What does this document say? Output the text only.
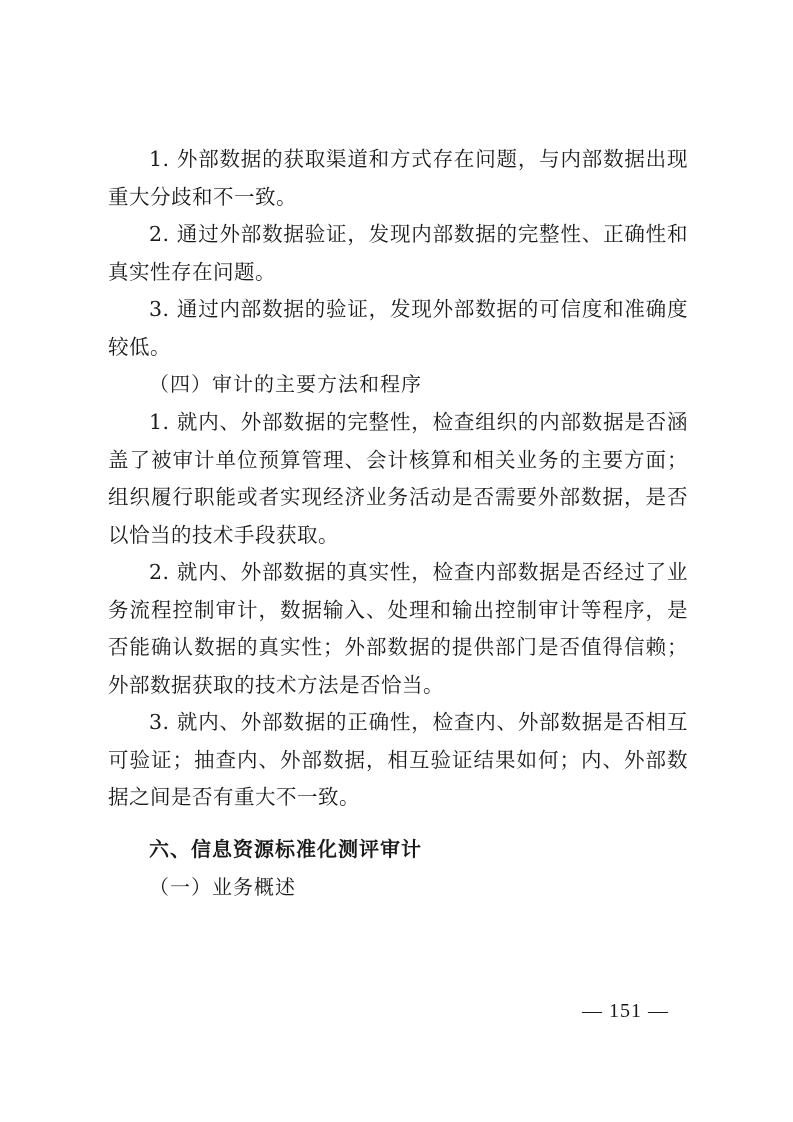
1. 外部数据的获取渠道和方式存在问题，与内部数据出现重大分歧和不一致。

2. 通过外部数据验证，发现内部数据的完整性、正确性和真实性存在问题。

3. 通过内部数据的验证，发现外部数据的可信度和准确度较低。

（四）审计的主要方法和程序

1. 就内、外部数据的完整性，检查组织的内部数据是否涵盖了被审计单位预算管理、会计核算和相关业务的主要方面；组织履行职能或者实现经济业务活动是否需要外部数据，是否以恰当的技术手段获取。

2. 就内、外部数据的真实性，检查内部数据是否经过了业务流程控制审计，数据输入、处理和输出控制审计等程序，是否能确认数据的真实性；外部数据的提供部门是否值得信赖；外部数据获取的技术方法是否恰当。

3. 就内、外部数据的正确性，检查内、外部数据是否相互可验证；抽查内、外部数据，相互验证结果如何；内、外部数据之间是否有重大不一致。

六、信息资源标准化测评审计

（一）业务概述

— 151 —
